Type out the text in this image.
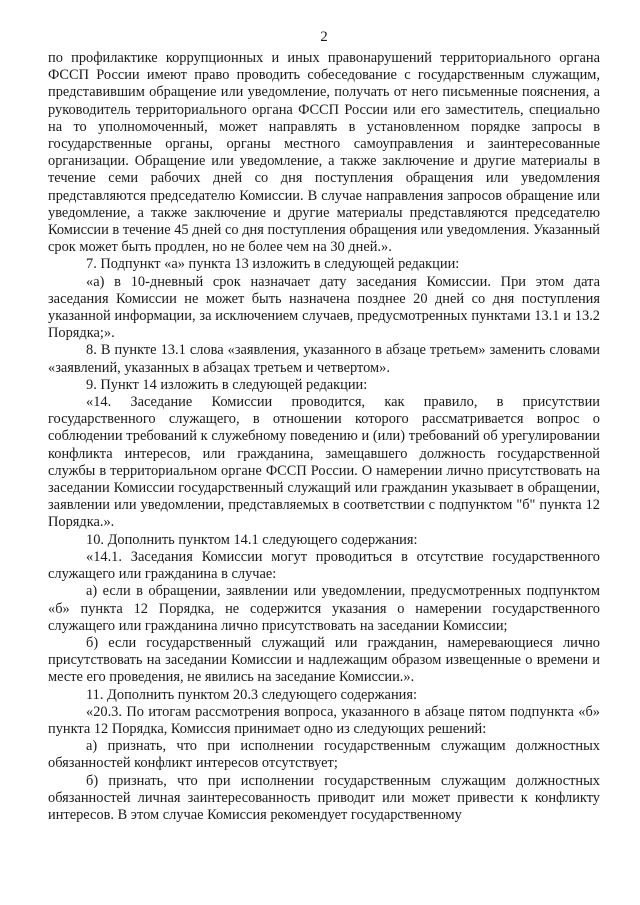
2

по профилактике коррупционных и иных правонарушений территориального органа ФССП России имеют право проводить собеседование с государственным служащим, представившим обращение или уведомление, получать от него письменные пояснения, а руководитель территориального органа ФССП России или его заместитель, специально на то уполномоченный, может направлять в установленном порядке запросы в государственные органы, органы местного самоуправления и заинтересованные организации. Обращение или уведомление, а также заключение и другие материалы в течение семи рабочих дней со дня поступления обращения или уведомления представляются председателю Комиссии. В случае направления запросов обращение или уведомление, а также заключение и другие материалы представляются председателю Комиссии в течение 45 дней со дня поступления обращения или уведомления. Указанный срок может быть продлен, но не более чем на 30 дней.».

7. Подпункт «а» пункта 13 изложить в следующей редакции:

«а) в 10-дневный срок назначает дату заседания Комиссии. При этом дата заседания Комиссии не может быть назначена позднее 20 дней со дня поступления указанной информации, за исключением случаев, предусмотренных пунктами 13.1 и 13.2 Порядка;».

8. В пункте 13.1 слова «заявления, указанного в абзаце третьем» заменить словами «заявлений, указанных в абзацах третьем и четвертом».

9. Пункт 14 изложить в следующей редакции:

«14. Заседание Комиссии проводится, как правило, в присутствии государственного служащего, в отношении которого рассматривается вопрос о соблюдении требований к служебному поведению и (или) требований об урегулировании конфликта интересов, или гражданина, замещавшего должность государственной службы в территориальном органе ФССП России. О намерении лично присутствовать на заседании Комиссии государственный служащий или гражданин указывает в обращении, заявлении или уведомлении, представляемых в соответствии с подпунктом "б" пункта 12 Порядка.».

10. Дополнить пунктом 14.1 следующего содержания:

«14.1. Заседания Комиссии могут проводиться в отсутствие государственного служащего или гражданина в случае:

а) если в обращении, заявлении или уведомлении, предусмотренных подпунктом «б» пункта 12 Порядка, не содержится указания о намерении государственного служащего или гражданина лично присутствовать на заседании Комиссии;

б) если государственный служащий или гражданин, намеревающиеся лично присутствовать на заседании Комиссии и надлежащим образом извещенные о времени и месте его проведения, не явились на заседание Комиссии.».

11. Дополнить пунктом 20.3 следующего содержания:

«20.3. По итогам рассмотрения вопроса, указанного в абзаце пятом подпункта «б» пункта 12 Порядка, Комиссия принимает одно из следующих решений:

а) признать, что при исполнении государственным служащим должностных обязанностей конфликт интересов отсутствует;

б) признать, что при исполнении государственным служащим должностных обязанностей личная заинтересованность приводит или может привести к конфликту интересов. В этом случае Комиссия рекомендует государственному
